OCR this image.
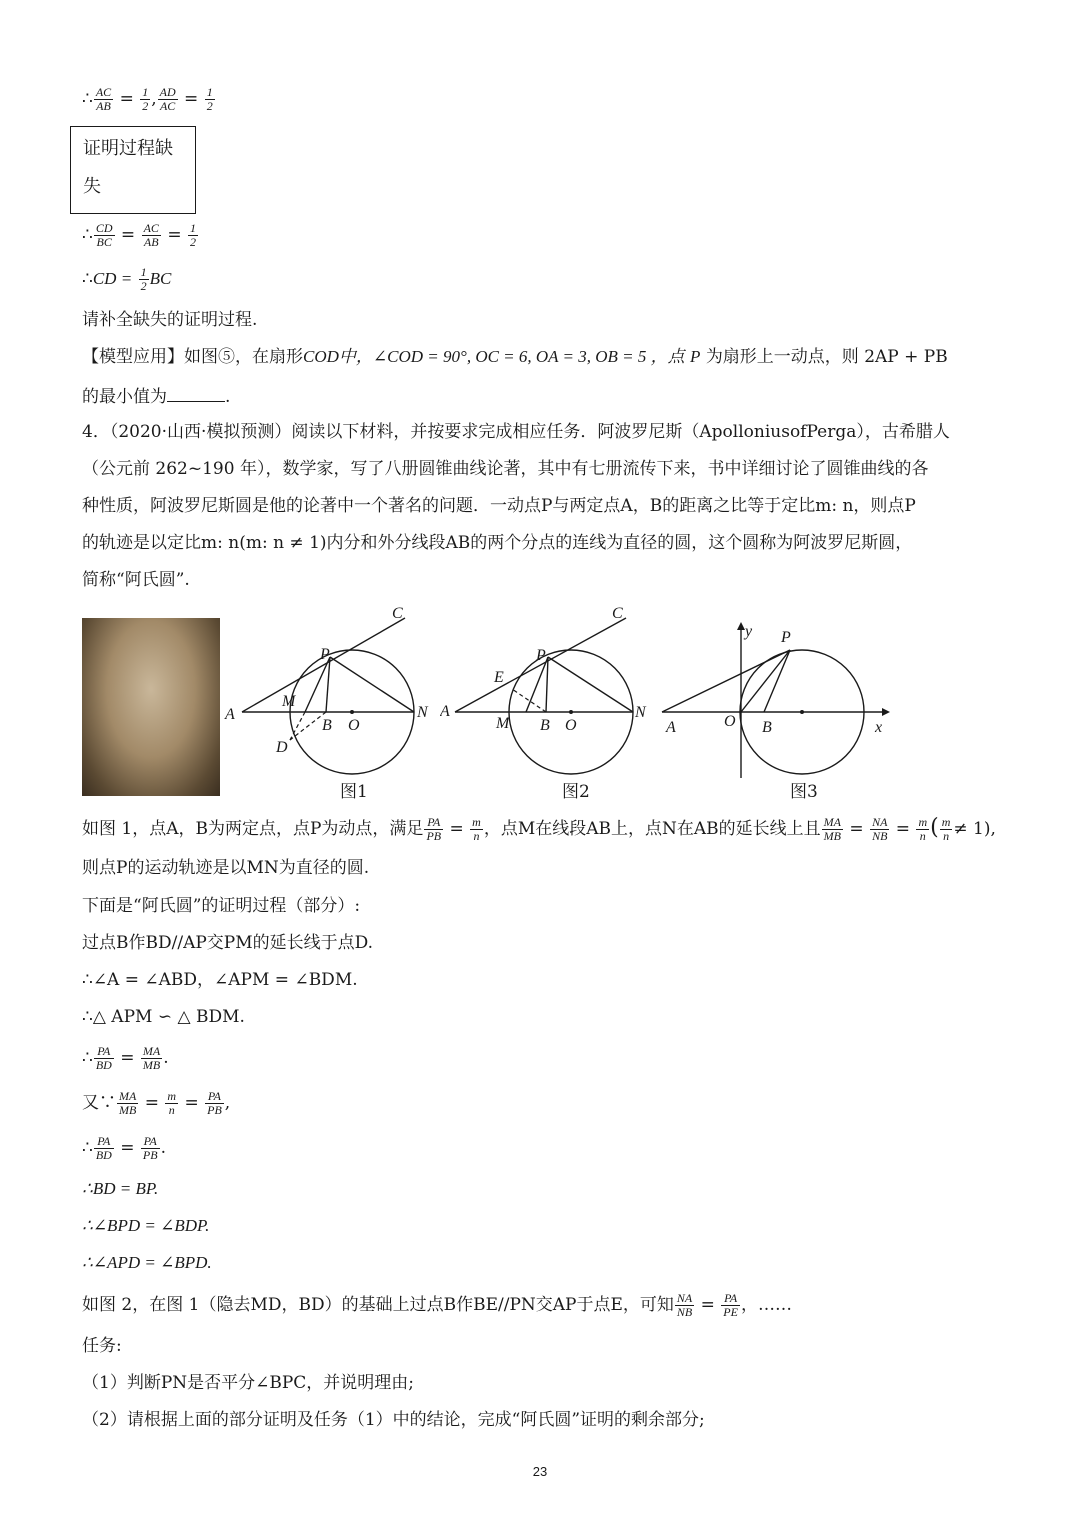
∴ $\frac{AC}{AB} = \frac{1}{2}$ , $\frac{AD}{AC} = \frac{1}{2}$
证明过程缺
失
∴ $\frac{CD}{BC} = \frac{AC}{AB} = \frac{1}{2}$
∴CD = $\frac{1}{2}$ BC
请补全缺失的证明过程.
【模型应用】如图⑤，在扇形COD中，∠COD = 90°, OC = 6, OA = 3, OB = 5 ，点 P 为扇形上一动点，则 2AP + PB
的最小值为	.
4．（2020·山西·模拟预测）阅读以下材料，并按要求完成相应任务．阿波罗尼斯（ApolloniusofPerga），古希腊人
（公元前 262~190 年），数学家，写了八册圆锥曲线论著，其中有七册流传下来，书中详细讨论了圆锥曲线的各
种性质，阿波罗尼斯圆是他的论著中一个著名的问题．一动点P与两定点A，B的距离之比等于定比m: n，则点P
的轨迹是以定比m: n(m: n ≠ 1)内分和外分线段AB的两个分点的连线为直径的圆，这个圆称为阿波罗尼斯圆，
简称“阿氏圆”.
A
C
P
M
B O
N
D
图1
A
C
P
E
M B O
N
图2
A	O B
P
y
x
图3
如图 1，点A，B为两定点，点P为动点，满足 $\frac{PA}{PB} = \frac{m}{n}$ ，点M在线段AB上，点N在AB的延长线上且 $\frac{MA}{MB} = \frac{NA}{NB} = \frac{m}{n}$ ( $\frac{m}{n} \ne 1$),
则点P的运动轨迹是以MN为直径的圆.
下面是“阿氏圆”的证明过程（部分）:
过点B作BD//AP交PM的延长线于点D.
∴∠A = ∠ABD，∠APM = ∠BDM.
∴△ APM ∽ △ BDM.
∴ $\frac{PA}{BD} = \frac{MA}{MB}$ .
又∵ $\frac{MA}{MB} = \frac{m}{n} = \frac{PA}{PB}$ ,
∴ $\frac{PA}{BD} = \frac{PA}{PB}$ .
∴BD = BP.
∴∠BPD = ∠BDP.
∴∠APD = ∠BPD.
如图 2，在图 1（隐去MD，BD）的基础上过点B作BE//PN交AP于点E，可知 $\frac{NA}{NB} = \frac{PA}{PE}$ ，……
任务:
（1）判断PN是否平分∠BPC，并说明理由;
（2）请根据上面的部分证明及任务（1）中的结论，完成“阿氏圆”证明的剩余部分;
23
